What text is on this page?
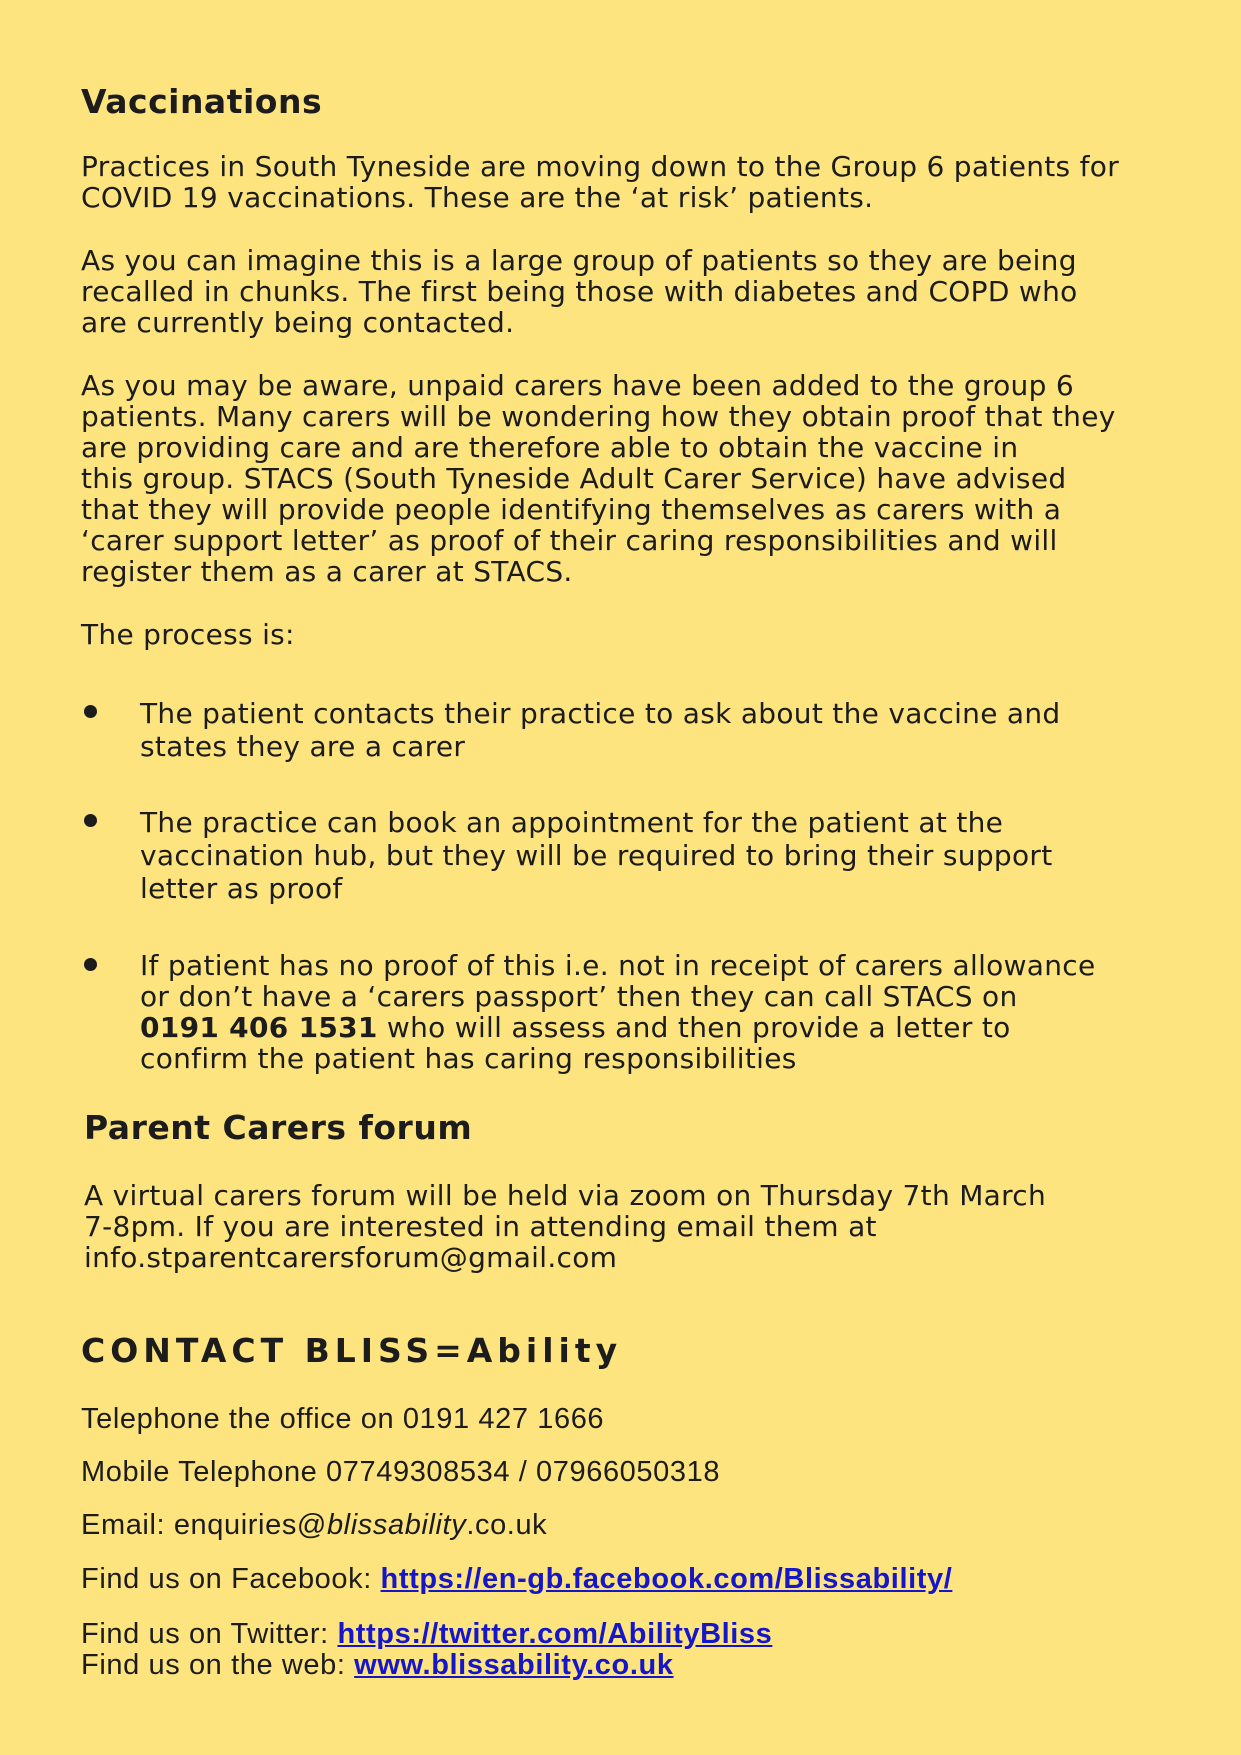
Vaccinations
Practices in South Tyneside are moving down to the Group 6 patients for
COVID 19 vaccinations. These are the ‘at risk’ patients.
As you can imagine this is a large group of patients so they are being
recalled in chunks. The first being those with diabetes and COPD who
are currently being contacted.
As you may be aware, unpaid carers have been added to the group 6
patients. Many carers will be wondering how they obtain proof that they
are providing care and are therefore able to obtain the vaccine in
this group. STACS (South Tyneside Adult Carer Service) have advised
that they will provide people identifying themselves as carers with a
‘carer support letter’ as proof of their caring responsibilities and will
register them as a carer at STACS.
The process is:
The patient contacts their practice to ask about the vaccine and
states they are a carer
The practice can book an appointment for the patient at the
vaccination hub, but they will be required to bring their support
letter as proof
If patient has no proof of this i.e. not in receipt of carers allowance
or don’t have a ‘carers passport’ then they can call STACS on
0191 406 1531 who will assess and then provide a letter to
confirm the patient has caring responsibilities
Parent Carers forum
A virtual carers forum will be held via zoom on Thursday 7th March
7-8pm. If you are interested in attending email them at
info.stparentcarersforum@gmail.com
CONTACT BLISS=Ability
Telephone the office on 0191 427 1666
Mobile Telephone 07749308534 / 07966050318
Email: enquiries@blissability.co.uk
Find us on Facebook: https://en-gb.facebook.com/Blissability/
Find us on Twitter: https://twitter.com/AbilityBliss
Find us on the web: www.blissability.co.uk
